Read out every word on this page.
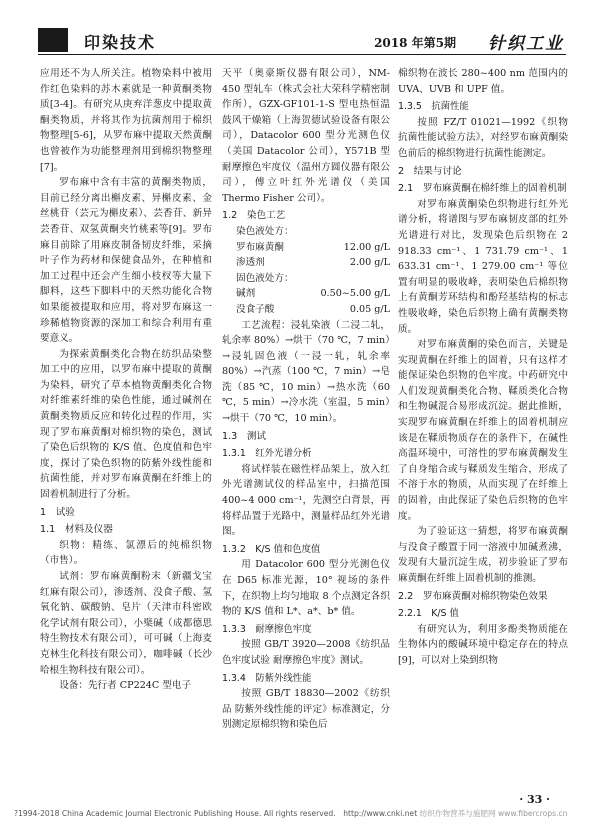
印染技术	2018 年第5期 针织工业
应用还不为人所关注。植物染料中被用作红色染料的苏木素就是一种黄酮类物质[3-4]。有研究从庚弃洋葱皮中提取黄酮类物质，并将其作为抗菌剂用于棉织物整理[5-6]，从罗布麻中提取天然黄酮也曾被作为功能整理剂用到棉织物整理[7]。
罗布麻中含有丰富的黄酮类物质，目前已经分离出槲皮素、异槲皮素、金丝桃苷（芸元为槲皮素）、芸香苷、新异芸香苷、双氢黄酮夹竹桃素等[9]。罗布麻目前除了用麻皮制备韧皮纤维，采摘叶子作为药材和保健食品外，在种植和加工过程中还会产生细小枝杈等大量下脚料，这些下脚料中的天然功能化合物如果能被提取和应用，将对罗布麻这一珍稀植物资源的深加工和综合利用有重要意义。
为探索黄酮类化合物在纺织品染整加工中的应用，以罗布麻中提取的黄酮为染料，研究了草本植物黄酮类化合物对纤维素纤维的染色性能，通过碱剂在黄酮类物质反应和转化过程的作用，实现了罗布麻黄酮对棉织物的染色，测试了染色后织物的 K/S 值、色度值和色牢度，探讨了染色织物的防紫外线性能和抗菌性能，并对罗布麻黄酮在纤维上的固着机制进行了分析。
1　试验
1.1　材料及仪器
织物：精练、氯漂后的纯棉织物（市售）。
试剂：罗布麻黄酮粉末（新疆戈宝红麻有限公司），渗透剂、没食子酸、氢氧化钠、碳酸钠、皂片（天津市科密欧化学试剂有限公司），小檗碱（成都德思特生物技术有限公司），可可碱（上海麦克林生化科技有限公司），咖啡碱（长沙哈根生物科技有限公司）。
设备：先行者 CP224C 型电子
天平（奥豪斯仪器有限公司），NM-450 型轧车（株式会社大荣科学精密制作所），GZX-GF101-1-S 型电热恒温鼓风干燥箱（上海贺德试验设备有限公司），Datacolor 600 型分光测色仪（美国 Datacolor 公司），Y571B 型耐摩擦色牢度仪（温州方圆仪器有限公司），傅立叶红外光谱仪（美国 Thermo Fisher 公司）。
1.2　染色工艺
染色液处方：
罗布麻黄酮	12.00 g/L
渗透剂	2.00 g/L
固色液处方：
碱剂	0.50~5.00 g/L
没食子酸	0.05 g/L
工艺流程：浸轧染液（二浸二轧，轧余率 80%）→烘干（70 ℃，7 min）→浸轧固色液（一浸一轧，轧余率 80%）→汽蒸（100 ℃，7 min）→皂洗（85 ℃，10 min）→热水洗（60 ℃，5 min）→冷水洗（室温，5 min）→烘干（70 ℃，10 min）。
1.3　测试
1.3.1　红外光谱分析
将试样装在磁性样品架上，放入红外光谱测试仪的样品室中，扫描范围 400~4 000 cm⁻¹，先测空白背景，再将样品置于光路中，测量样品红外光谱图。
1.3.2　K/S 值和色度值
用 Datacolor 600 型分光测色仪在 D65 标准光源，10° 视场的条件下，在织物上均匀地取 8 个点测定各织物的 K/S 值和 L*、a*、b* 值。
1.3.3　耐摩擦色牢度
按照 GB/T 3920—2008《纺织品 色牢度试验 耐摩擦色牢度》测试。
1.3.4　防紫外线性能
按照 GB/T 18830—2002《纺织品 防紫外线性能的评定》标准测定，分别测定原棉织物和染色后
棉织物在波长 280~400 nm 范围内的 UVA、UVB 和 UPF 值。
1.3.5　抗菌性能
按照 FZ/T 01021—1992《织物抗菌性能试验方法》，对经罗布麻黄酮染色前后的棉织物进行抗菌性能测定。
2　结果与讨论
2.1　罗布麻黄酮在棉纤维上的固着机制
对罗布麻黄酮染色织物进行红外光谱分析，将谱图与罗布麻韧皮部的红外光谱进行对比，发现染色后织物在 2 918.33 cm⁻¹、1 731.79 cm⁻¹、1 633.31 cm⁻¹、1 279.00 cm⁻¹ 等位置有明显的吸收峰，表明染色后棉织物上有黄酮芳环结构和酚羟基结构的标志性吸收峰，染色后织物上确有黄酮类物质。
对罗布麻黄酮的染色而言，关键是实现黄酮在纤维上的固着，只有这样才能保证染色织物的色牢度。中药研究中人们发现黄酮类化合物、鞣质类化合物和生物碱混合易形成沉淀。据此推断，实现罗布麻黄酮在纤维上的固着机制应该是在鞣质物质存在的条件下，在碱性高温环境中，可溶性的罗布麻黄酮发生了自身缩合或与鞣质发生缩合，形成了不溶于水的物质，从而实现了在纤维上的固着，由此保证了染色后织物的色牢度。
为了验证这一猜想，将罗布麻黄酮与没食子酸置于同一溶液中加碱煮沸，发现有大量沉淀生成，初步验证了罗布麻黄酮在纤维上固着机制的推测。
2.2　罗布麻黄酮对棉织物染色效果
2.2.1　K/S 值
有研究认为，利用多酚类物质能在生物体内的酸碱环境中稳定存在的特点[9]，可以对上染到织物
· 33 ·
?1994-2018 China Academic Journal Electronic Publishing House. All rights reserved.　http://www.cnki.net 纺织作物营养与施肥网 www.fibercrops.cn
